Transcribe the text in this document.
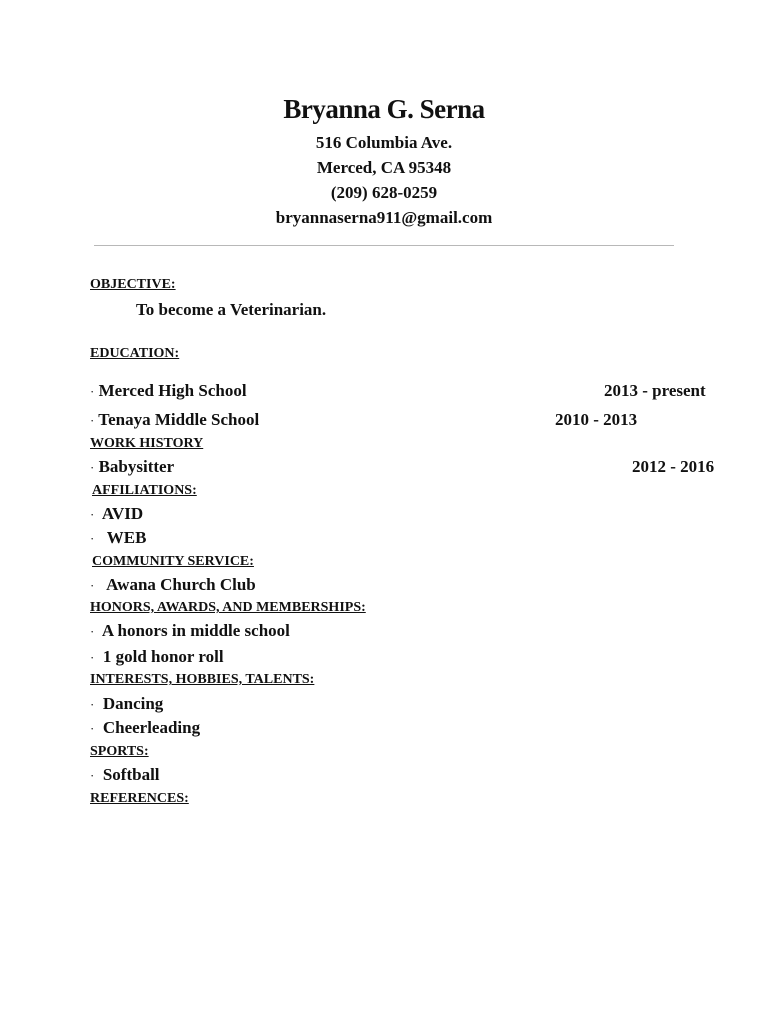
Bryanna G. Serna
516 Columbia Ave.
Merced, CA 95348
(209) 628-0259
bryannaserna911@gmail.com
OBJECTIVE:
To become a Veterinarian.
EDUCATION:
· Merced High School	2013 - present
· Tenaya Middle School	2010 - 2013
WORK HISTORY
· Babysitter	2012 - 2016
AFFILIATIONS:
· AVID
· WEB
COMMUNITY SERVICE:
· Awana Church Club
HONORS, AWARDS, AND MEMBERSHIPS:
· A honors in middle school
· 1 gold honor roll
INTERESTS, HOBBIES, TALENTS:
· Dancing
· Cheerleading
SPORTS:
· Softball
REFERENCES:
